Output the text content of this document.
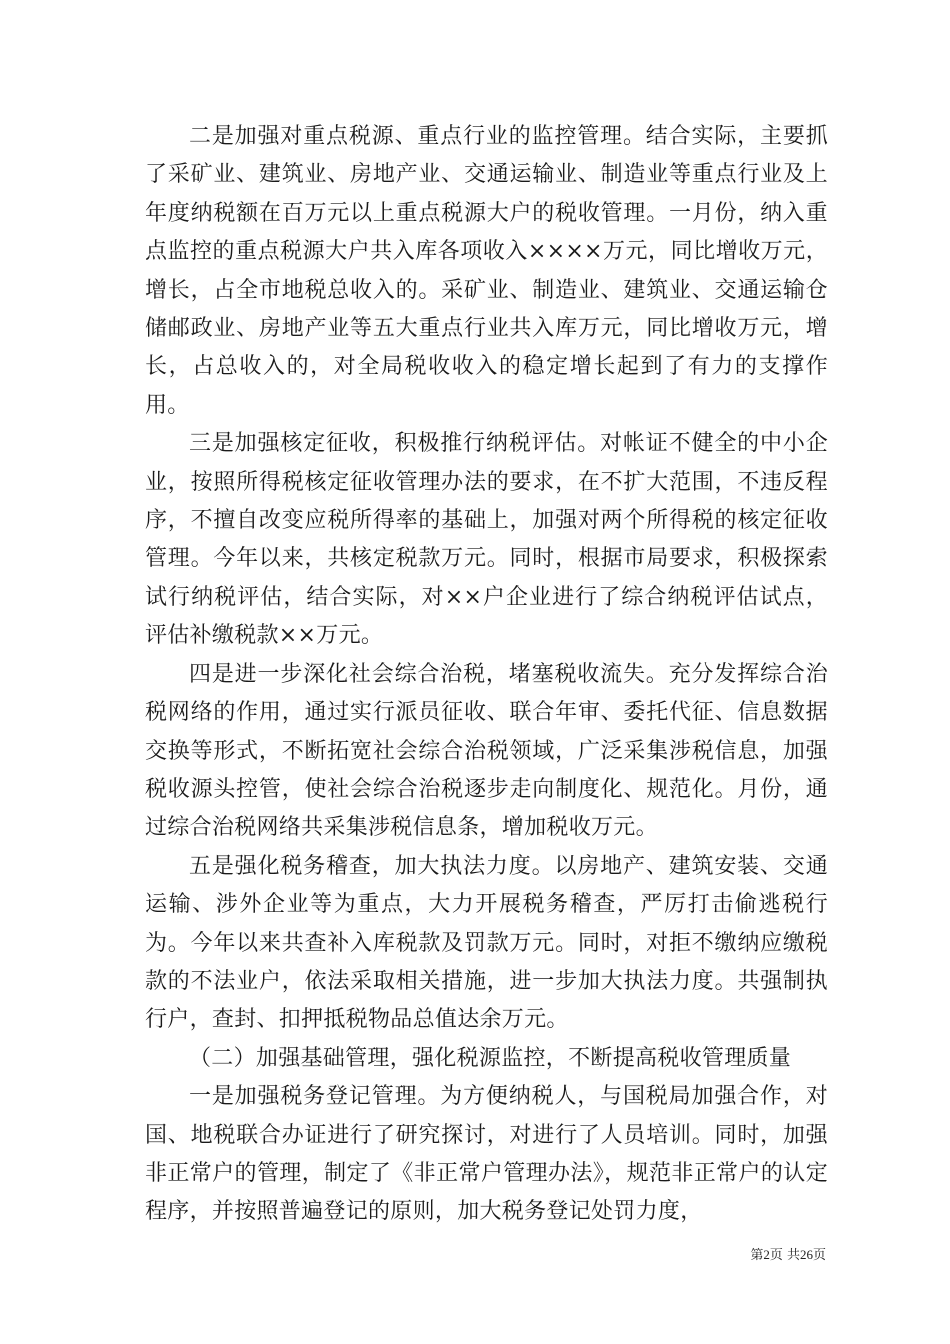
二是加强对重点税源、重点行业的监控管理。结合实际，主要抓了采矿业、建筑业、房地产业、交通运输业、制造业等重点行业及上年度纳税额在百万元以上重点税源大户的税收管理。一月份，纳入重点监控的重点税源大户共入库各项收入××××万元，同比增收万元，增长，占全市地税总收入的。采矿业、制造业、建筑业、交通运输仓储邮政业、房地产业等五大重点行业共入库万元，同比增收万元，增长，占总收入的，对全局税收收入的稳定增长起到了有力的支撑作用。

三是加强核定征收，积极推行纳税评估。对帐证不健全的中小企业，按照所得税核定征收管理办法的要求，在不扩大范围，不违反程序，不擅自改变应税所得率的基础上，加强对两个所得税的核定征收管理。今年以来，共核定税款万元。同时，根据市局要求，积极探索试行纳税评估，结合实际，对××户企业进行了综合纳税评估试点，评估补缴税款××万元。

四是进一步深化社会综合治税，堵塞税收流失。充分发挥综合治税网络的作用，通过实行派员征收、联合年审、委托代征、信息数据交换等形式，不断拓宽社会综合治税领域，广泛采集涉税信息，加强税收源头控管，使社会综合治税逐步走向制度化、规范化。月份，通过综合治税网络共采集涉税信息条，增加税收万元。

五是强化税务稽查，加大执法力度。以房地产、建筑安装、交通运输、涉外企业等为重点，大力开展税务稽查，严厉打击偷逃税行为。今年以来共查补入库税款及罚款万元。同时，对拒不缴纳应缴税款的不法业户，依法采取相关措施，进一步加大执法力度。共强制执行户，查封、扣押抵税物品总值达余万元。

（二）加强基础管理，强化税源监控，不断提高税收管理质量

一是加强税务登记管理。为方便纳税人，与国税局加强合作，对国、地税联合办证进行了研究探讨，对进行了人员培训。同时，加强非正常户的管理，制定了《非正常户管理办法》，规范非正常户的认定程序，并按照普遍登记的原则，加大税务登记处罚力度，

第2页 共26页
